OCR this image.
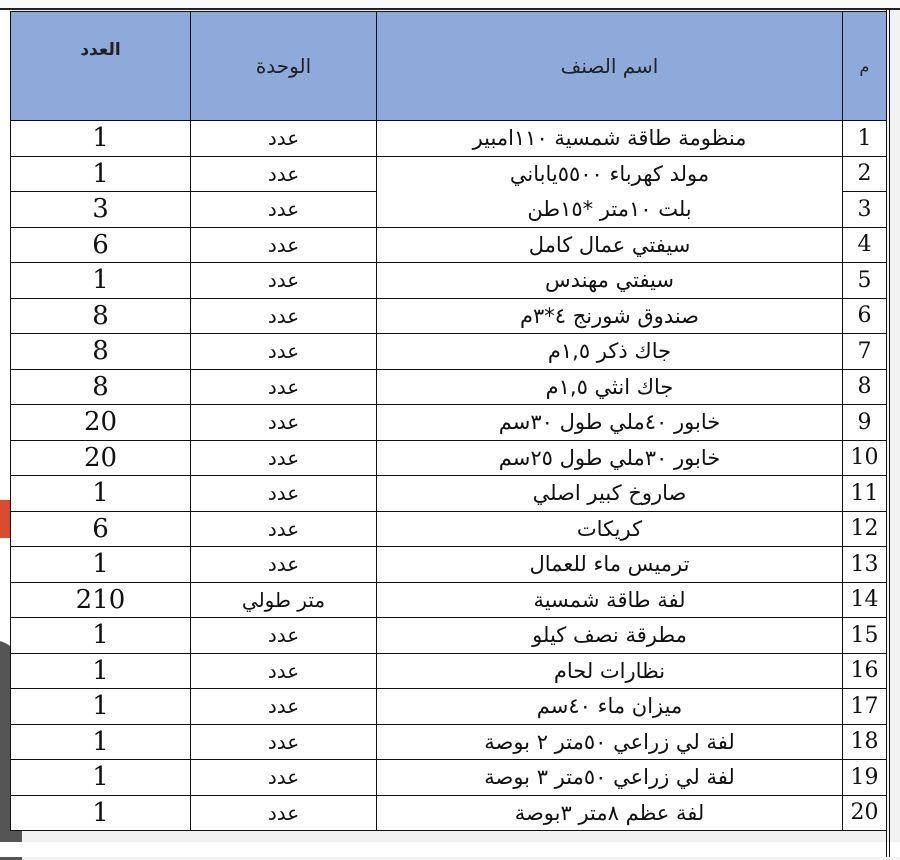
العدد	الوحدة	اسم الصنف	م
1	عدد	منظومة طاقة شمسية ١١٠امبير	1
1	عدد	مولد كهرباء ٥٥٠٠ياباني	2
3	عدد	بلت ١٠متر *١٥طن	3
6	عدد	سيفتي عمال كامل	4
1	عدد	سيفتي مهندس	5
8	عدد	صندوق شورنج ٤*٣م	6
8	عدد	جاك ذكر ١,٥م	7
8	عدد	جاك انثي ١,٥م	8
20	عدد	خابور ٤٠ملي طول ٣٠سم	9
20	عدد	خابور ٣٠ملي طول ٢٥سم	10
1	عدد	صاروخ كبير اصلي	11
6	عدد	كريكات	12
1	عدد	ترميس ماء للعمال	13
210	متر طولي	لفة طاقة شمسية	14
1	عدد	مطرقة نصف كيلو	15
1	عدد	نظارات لحام	16
1	عدد	ميزان ماء ٤٠سم	17
1	عدد	لفة لي زراعي ٥٠متر ٢ بوصة	18
1	عدد	لفة لي زراعي ٥٠متر ٣ بوصة	19
1	عدد	لفة عظم ٨متر ٣بوصة	20
